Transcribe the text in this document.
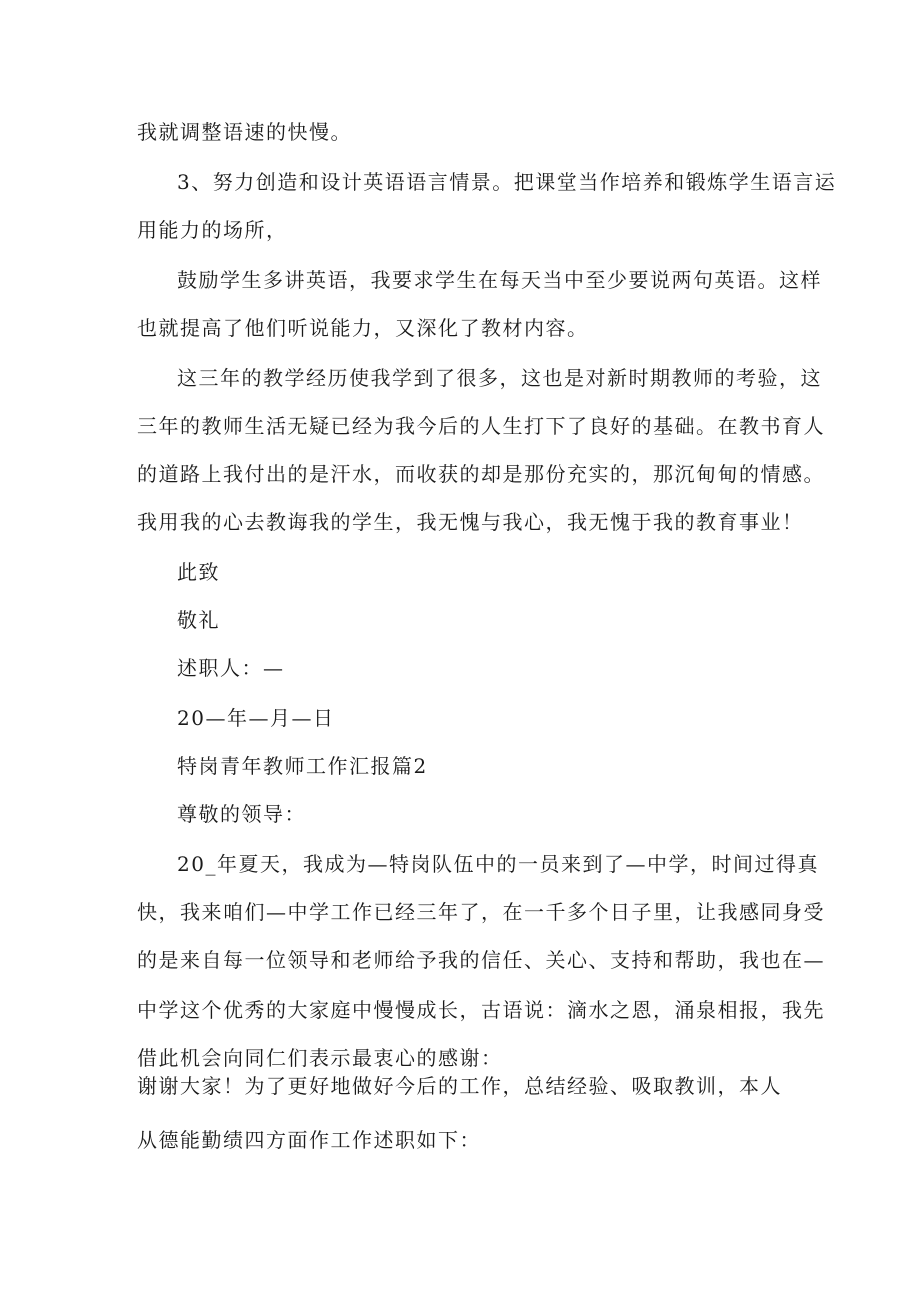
我就调整语速的快慢。
3、努力创造和设计英语语言情景。把课堂当作培养和锻炼学生语言运
用能力的场所，
鼓励学生多讲英语，我要求学生在每天当中至少要说两句英语。这样
也就提高了他们听说能力，又深化了教材内容。
这三年的教学经历使我学到了很多，这也是对新时期教师的考验，这
三年的教师生活无疑已经为我今后的人生打下了良好的基础。在教书育人
的道路上我付出的是汗水，而收获的却是那份充实的，那沉甸甸的情感。
我用我的心去教诲我的学生，我无愧与我心，我无愧于我的教育事业！
此致
敬礼
述职人：—
20—年—月—日
特岗青年教师工作汇报篇2
尊敬的领导：
20_年夏天，我成为—特岗队伍中的一员来到了—中学，时间过得真
快，我来咱们—中学工作已经三年了，在一千多个日子里，让我感同身受
的是来自每一位领导和老师给予我的信任、关心、支持和帮助，我也在—
中学这个优秀的大家庭中慢慢成长，古语说：滴水之恩，涌泉相报，我先
借此机会向同仁们表示最衷心的感谢：
谢谢大家！为了更好地做好今后的工作，总结经验、吸取教训，本人
从德能勤绩四方面作工作述职如下：
